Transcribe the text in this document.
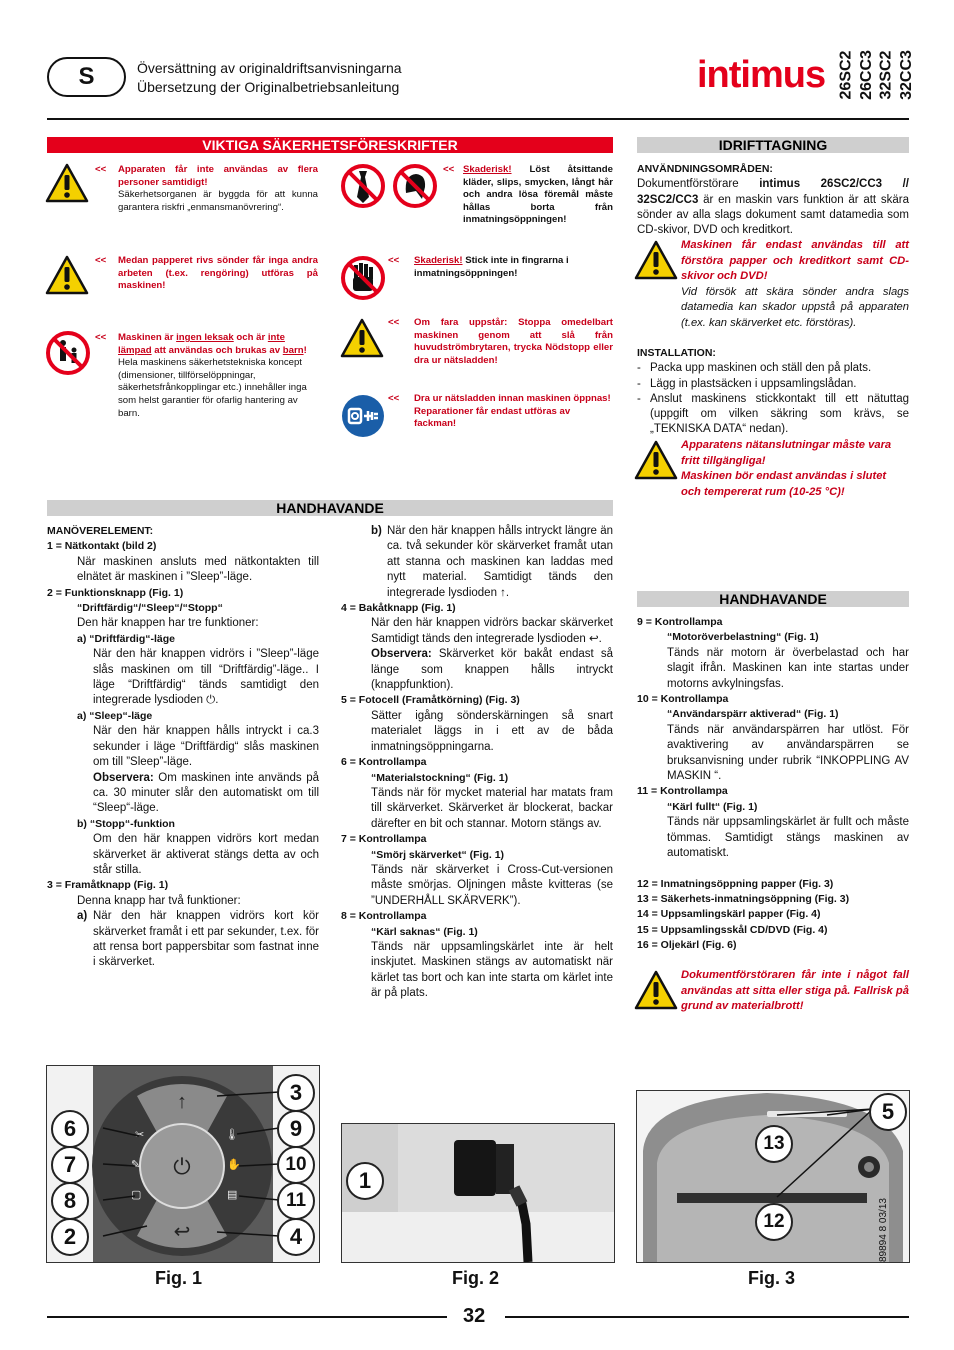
S	Översättning av originaldriftsanvisningarna
Übersetzung der Originalbetriebsanleitung	intimus 26SC2 26CC3 32SC2 32CC3
VIKTIGA SÄKERHETSFÖRESKRIFTER
<< Apparaten får inte användas av flera personer samtidigt!
Säkerhetsorganen är byggda för att kunna garantera riskfri „enmansmanövrering“.
<< Medan papperet rivs sönder får inga andra arbeten (t.ex. rengöring) utföras på maskinen!
<< Maskinen är ingen leksak och är inte lämpad att användas och brukas av barn!
Hela maskinens säkerhetstekniska koncept (dimensioner, tillförselöppningar, säkerhetsfrånkopplingar etc.) innehåller inga som helst garantier för ofarlig hantering av barn.
<< Skaderisk! Löst åtsittande kläder, slips, smycken, långt hår och andra lösa föremål måste hållas borta från inmatningsöppningen!
<< Skaderisk! Stick inte in fingrarna i inmatningsöppningen!
<< Om fara uppstår: Stoppa omedelbart maskinen genom att slå från huvudströmbrytaren, trycka Nödstopp eller dra ur nätsladden!
<< Dra ur nätsladden innan maskinen öppnas! Reparationer får endast utföras av fackman!
IDRIFTTAGNING
ANVÄNDNINGSOMRÅDEN:
Dokumentförstörare intimus 26SC2/CC3 // 32SC2/CC3 är en maskin vars funktion är att skära sönder av alla slags dokument samt datamedia som CD-skivor, DVD och kreditkort.
Maskinen får endast användas till att förstöra papper och kreditkort samt CD-skivor och DVD!
Vid försök att skära sönder andra slags datamedia kan skador uppstå på apparaten (t.ex. kan skärverket etc. förstöras).
INSTALLATION:
- Packa upp maskinen och ställ den på plats.
- Lägg in plastsäcken i uppsamlingslådan.
- Anslut maskinens stickkontakt till ett nätuttag (uppgift om vilken säkring som krävs, se „TEKNISKA DATA“ nedan).
Apparatens nätanslutningar måste vara fritt tillgängliga!
Maskinen bör endast användas i slutet och tempererat rum (10-25 °C)!
HANDHAVANDE
MANÖVERELEMENT:
1 = Nätkontakt (bild 2)
När maskinen ansluts med nätkontakten till elnätet är maskinen i ”Sleep”-läge.
2 = Funktionsknapp (Fig. 1)
“Driftfärdig“/“Sleep“/“Stopp“
Den här knappen har tre funktioner:
a) “Driftfärdig“-läge
När den här knappen vidrörs i ”Sleep”-läge slås maskinen om till “Driftfärdig”-läge.. I läge “Driftfärdig“ tänds samtidigt den integrerade lysdioden ⏻.
a) “Sleep“-läge
När den här knappen hålls intryckt i ca.3 sekunder i läge “Driftfärdig“ slås maskinen om till ”Sleep”-läge.
Observera: Om maskinen inte används på ca. 30 minuter slår den automatiskt om till “Sleep“-läge.
b) “Stopp“-funktion
Om den här knappen vidrörs kort medan skärverket är aktiverat stängs detta av och står stilla.
3 = Framåtknapp (Fig. 1)
Denna knapp har två funktioner:
a) När den här knappen vidrörs kort kör skärverket framåt i ett par sekunder, t.ex. för att rensa bort pappersbitar som fastnat inne i skärverket.
b) När den här knappen hålls intryckt längre än ca. två sekunder kör skärverket framåt utan att stanna och maskinen kan laddas med nytt material. Samtidigt tänds den integrerade lysdioden ↑.
4 = Bakåtknapp (Fig. 1)
När den här knappen vidrörs backar skärverket Samtidigt tänds den integrerade lysdioden ↩.
Observera: Skärverket kör bakåt endast så länge som knappen hålls intryckt (knappfunktion).
5 = Fotocell (Framåtkörning) (Fig. 3)
Sätter igång sönderskärningen så snart materialet läggs in i ett av de båda inmatningsöppningarna.
6 = Kontrollampa
“Materialstockning“ (Fig. 1)
Tänds när för mycket material har matats fram till skärverket. Skärverket är blockerat, backar därefter en bit och stannar. Motorn stängs av.
7 = Kontrollampa
“Smörj skärverket“ (Fig. 1)
Tänds när skärverket i Cross-Cut-versionen måste smörjas. Oljningen måste kvitteras (se ”UNDERHÅLL SKÄRVERK”).
8 = Kontrollampa
“Kärl saknas“ (Fig. 1)
Tänds när uppsamlingskärlet inte är helt inskjutet. Maskinen stängs av automatiskt när kärlet tas bort och kan inte starta om kärlet inte är på plats.
HANDHAVANDE
9 = Kontrollampa
“Motoröverbelastning“ (Fig. 1)
Tänds när motorn är överbelastad och har slagit ifrån. Maskinen kan inte startas under motorns avkylningsfas.
10 = Kontrollampa
“Användarspärr aktiverad“ (Fig. 1)
Tänds när användarspärren har utlöst. För avaktivering av användarspärren se bruksanvisning under rubrik “INKOPPLING AV MASKIN “.
11 = Kontrollampa
“Kärl fullt“ (Fig. 1)
Tänds när uppsamlingskärlet är fullt och måste tömmas. Samtidigt stängs maskinen av automatiskt.
12 = Inmatningsöppning papper (Fig. 3)
13 = Säkerhets-inmatningsöppning (Fig. 3)
14 = Uppsamlingskärl papper (Fig. 4)
15 = Uppsamlingsskål CD/DVD (Fig. 4)
16 = Oljekärl (Fig. 6)
Dokumentförstöraren får inte i något fall användas att sitta eller stiga på. Fallrisk på grund av materialbrott!
⏻
↑
↩
✂
✎
▢
🌡
✋
▤
6
7
8
2
3
9
10
11
4
Fig. 1
1
Fig. 2
5
13
12
Fig. 3
89894 8 03/13
32
